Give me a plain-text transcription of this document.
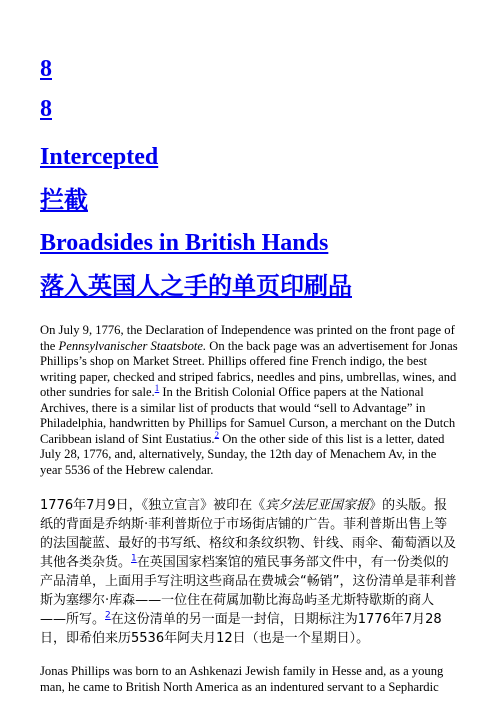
8
8
Intercepted
拦截
Broadsides in British Hands
落入英国人之手的单页印刷品

On July 9, 1776, the Declaration of Independence was printed on the front page of the Pennsylvanischer Staatsbote. On the back page was an advertisement for Jonas Phillips’s shop on Market Street. Phillips offered fine French indigo, the best writing paper, checked and striped fabrics, needles and pins, umbrellas, wines, and other sundries for sale.$^1$ In the British Colonial Office papers at the National Archives, there is a similar list of products that would “sell to Advantage” in Philadelphia, handwritten by Phillips for Samuel Curson, a merchant on the Dutch Caribbean island of Sint Eustatius.$^2$ On the other side of this list is a letter, dated July 28, 1776, and, alternatively, Sunday, the 12th day of Menachem Av, in the year 5536 of the Hebrew calendar.

1776年7月9日，《独立宣言》被印在《宾夕法尼亚国家报》的头版。报纸的背面是乔纳斯·菲利普斯位于市场街店铺的广告。菲利普斯出售上等的法国靛蓝、最好的书写纸、格纹和条纹织物、针线、雨伞、葡萄酒以及其他各类杂货。$^1$在英国国家档案馆的殖民事务部文件中，有一份类似的产品清单，上面用手写注明这些商品在费城会“畅销”，这份清单是菲利普斯为塞缪尔·库森——一位住在荷属加勒比海岛屿圣尤斯特歇斯的商人——所写。$^2$在这份清单的另一面是一封信，日期标注为1776年7月28日，即希伯来历5536年阿夫月12日（也是一个星期日）。

Jonas Phillips was born to an Ashkenazi Jewish family in Hesse and, as a young man, he came to British North America as an indentured servant to a Sephardic
